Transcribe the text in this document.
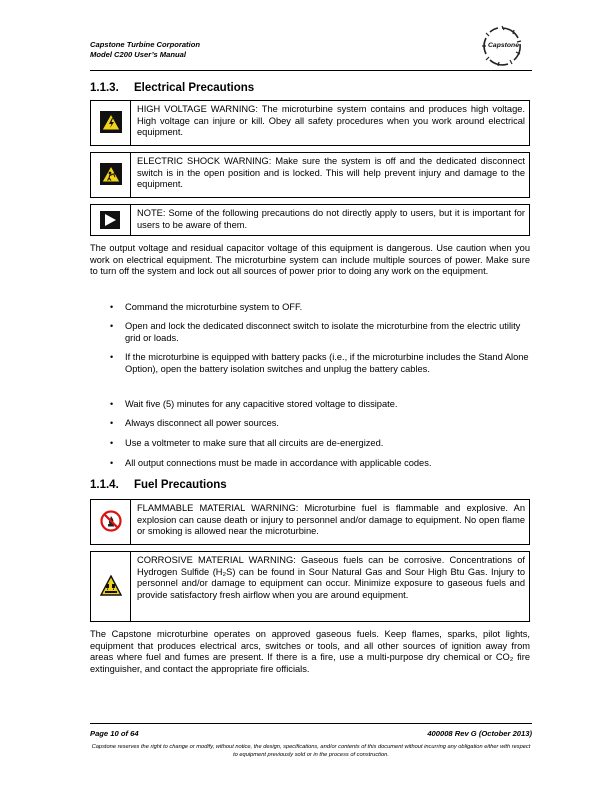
Capstone Turbine Corporation
Model C200 User’s Manual
Capstone
1.1.3. Electrical Precautions
HIGH VOLTAGE WARNING: The microturbine system contains and produces high voltage. High voltage can injure or kill. Obey all safety procedures when you work around electrical equipment.
ELECTRIC SHOCK WARNING: Make sure the system is off and the dedicated disconnect switch is in the open position and is locked. This will help prevent injury and damage to the equipment.
NOTE: Some of the following precautions do not directly apply to users, but it is important for users to be aware of them.
The output voltage and residual capacitor voltage of this equipment is dangerous. Use caution when you work on electrical equipment. The microturbine system can include multiple sources of power. Make sure to turn off the system and lock out all sources of power prior to doing any work on the equipment.
•	Command the microturbine system to OFF.
•	Open and lock the dedicated disconnect switch to isolate the microturbine from the electric utility grid or loads.
•	If the microturbine is equipped with battery packs (i.e., if the microturbine includes the Stand Alone Option), open the battery isolation switches and unplug the battery cables.
•	Wait five (5) minutes for any capacitive stored voltage to dissipate.
•	Always disconnect all power sources.
•	Use a voltmeter to make sure that all circuits are de-energized.
•	All output connections must be made in accordance with applicable codes.
1.1.4. Fuel Precautions
FLAMMABLE MATERIAL WARNING: Microturbine fuel is flammable and explosive. An explosion can cause death or injury to personnel and/or damage to equipment. No open flame or smoking is allowed near the microturbine.
CORROSIVE MATERIAL WARNING: Gaseous fuels can be corrosive. Concentrations of Hydrogen Sulfide (H₂S) can be found in Sour Natural Gas and Sour High Btu Gas. Injury to personnel and/or damage to equipment can occur. Minimize exposure to gaseous fuels and provide satisfactory fresh airflow when you are around equipment.
The Capstone microturbine operates on approved gaseous fuels. Keep flames, sparks, pilot lights, equipment that produces electrical arcs, switches or tools, and all other sources of ignition away from areas where fuel and fumes are present. If there is a fire, use a multi-purpose dry chemical or CO₂ fire extinguisher, and contact the appropriate fire officials.
Page 10 of 64	400008 Rev G (October 2013)
Capstone reserves the right to change or modify, without notice, the design, specifications, and/or contents of this document without incurring any obligation either with respect to equipment previously sold or in the process of construction.
